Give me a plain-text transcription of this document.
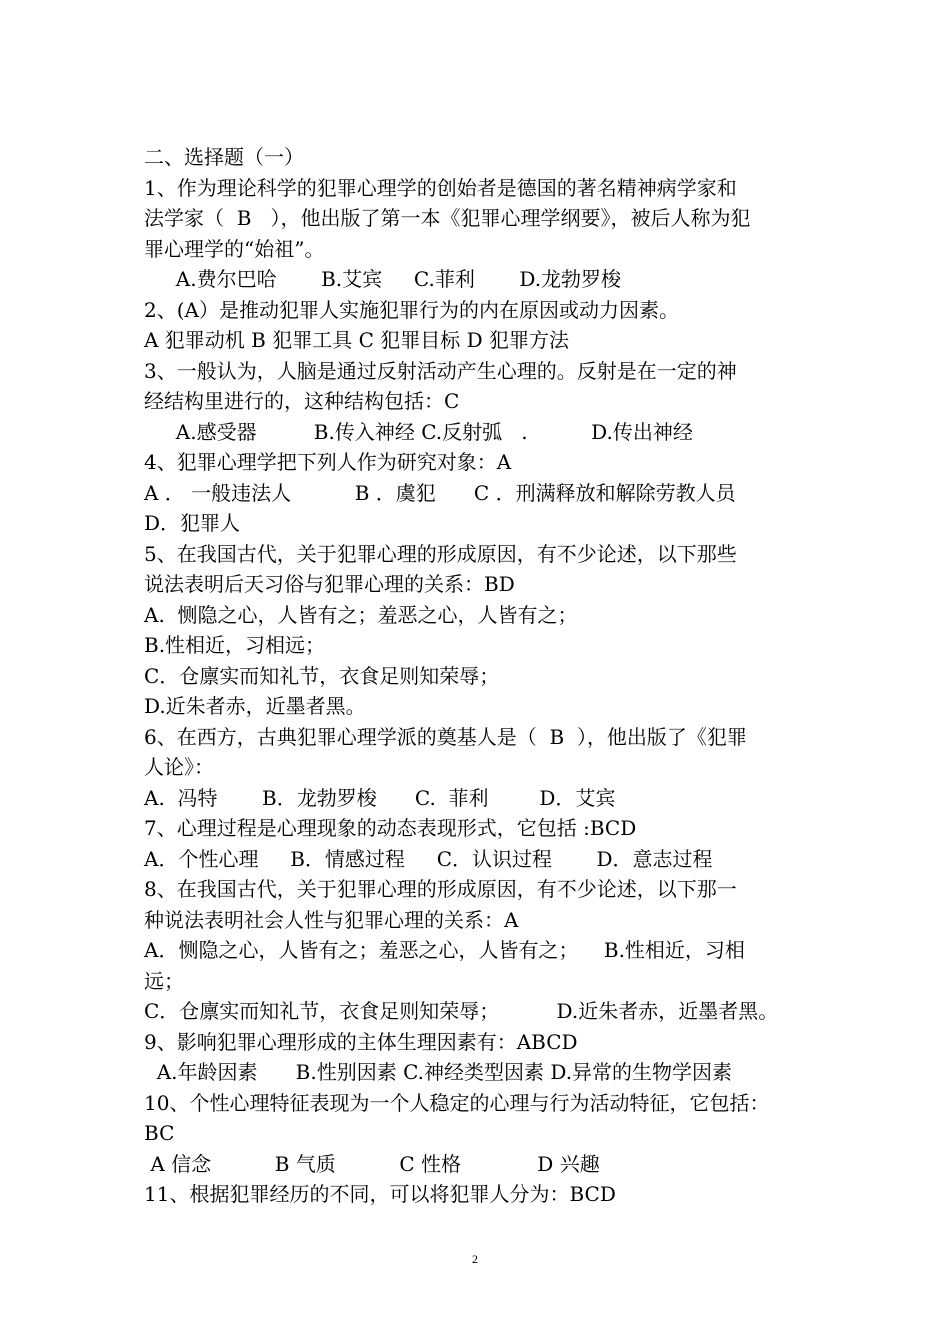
二、选择题（一）
1、作为理论科学的犯罪心理学的创始者是德国的著名精神病学家和
法学家（  B   ），他出版了第一本《犯罪心理学纲要》，被后人称为犯
罪心理学的“始祖”。
A.费尔巴哈       B.艾宾     C.菲利       D.龙勃罗梭
2、(A）是推动犯罪人实施犯罪行为的内在原因或动力因素。
A 犯罪动机 B 犯罪工具 C 犯罪目标 D 犯罪方法
3、一般认为，人脑是通过反射活动产生心理的。反射是在一定的神
经结构里进行的，这种结构包括：C
A.感受器         B.传入神经 C.反射弧   .          D.传出神经
4、犯罪心理学把下列人作为研究对象：A
A ． 一般违法人          B ．虞犯      C ．刑满释放和解除劳教人员
D．犯罪人
5、在我国古代，关于犯罪心理的形成原因，有不少论述，以下那些
说法表明后天习俗与犯罪心理的关系：BD
A.  恻隐之心，人皆有之；羞恶之心，人皆有之；
B.性相近，习相远；
C．仓廪实而知礼节，衣食足则知荣辱；
D.近朱者赤，近墨者黑。
6、在西方，古典犯罪心理学派的奠基人是（  B  ），他出版了《犯罪
人论》：
A.  冯特       B．龙勃罗梭      C.  菲利        D．艾宾
7、心理过程是心理现象的动态表现形式，它包括 :BCD
A．个性心理     B．情感过程     C．认识过程       D．意志过程
8、在我国古代，关于犯罪心理的形成原因，有不少论述，以下那一
种说法表明社会人性与犯罪心理的关系：A
A．恻隐之心，人皆有之；羞恶之心，人皆有之；    B.性相近，习相
远；
C．仓廪实而知礼节，衣食足则知荣辱；         D.近朱者赤，近墨者黑。
9、影响犯罪心理形成的主体生理因素有：ABCD
A.年龄因素      B.性别因素 C.神经类型因素 D.异常的生物学因素
10、个性心理特征表现为一个人稳定的心理与行为活动特征，它包括：
BC
A 信念          B 气质          C 性格            D 兴趣
11、根据犯罪经历的不同，可以将犯罪人分为：BCD
2
